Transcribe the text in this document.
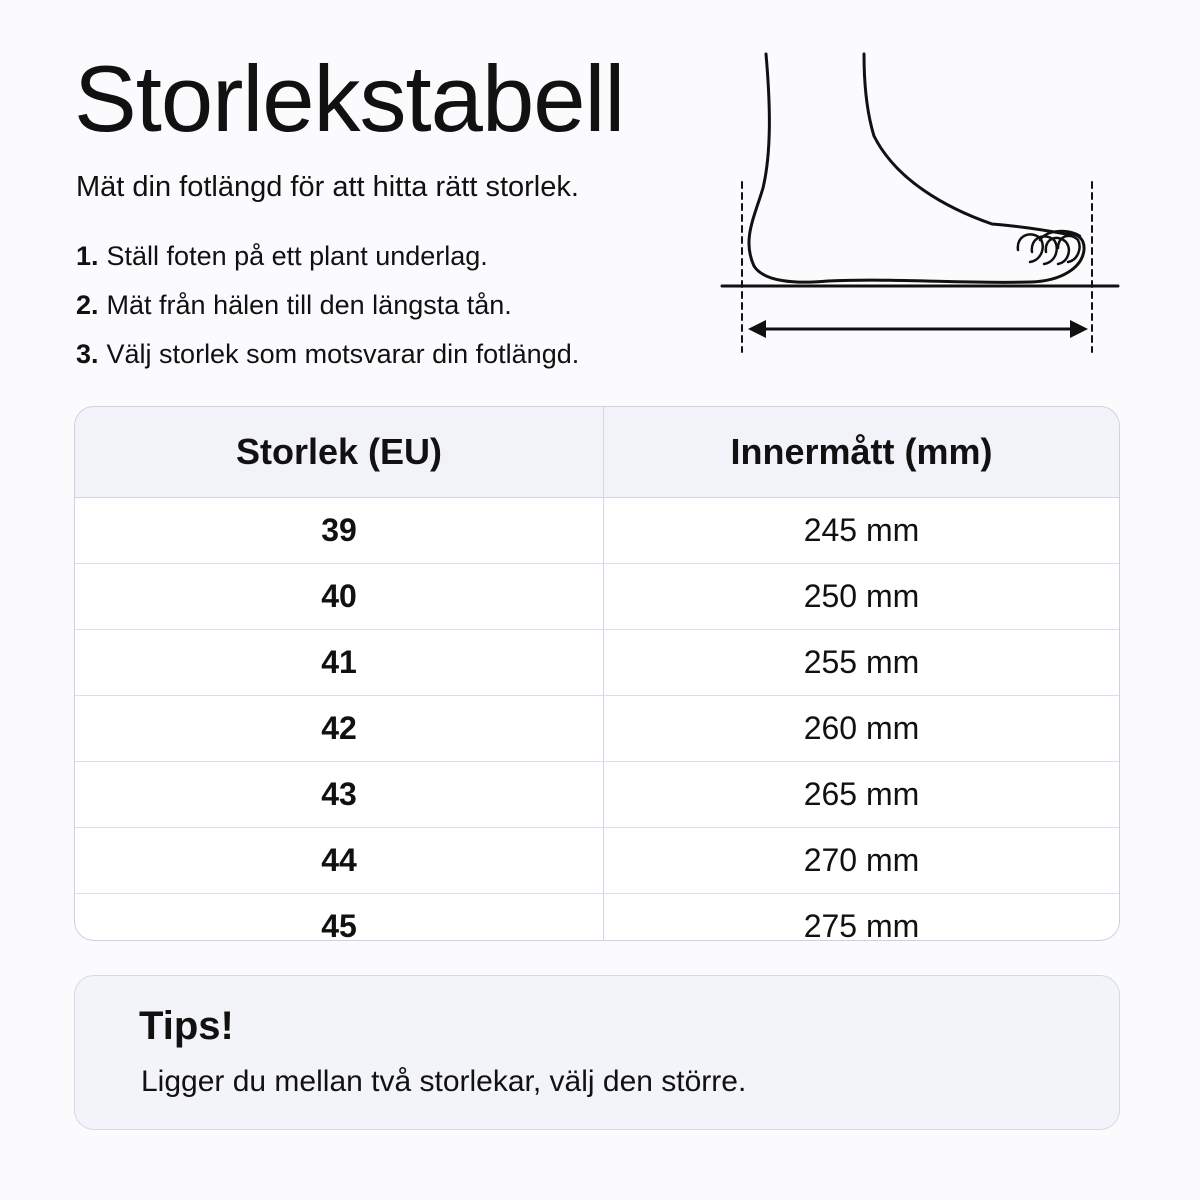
Storlekstabell
Mät din fotlängd för att hitta rätt storlek.
1. Ställ foten på ett plant underlag.
2. Mät från hälen till den längsta tån.
3. Välj storlek som motsvarar din fotlängd.
Storlek (EU)	Innermått (mm)
39	245 mm
40	250 mm
41	255 mm
42	260 mm
43	265 mm
44	270 mm
45	275 mm
Tips!
Ligger du mellan två storlekar, välj den större.
